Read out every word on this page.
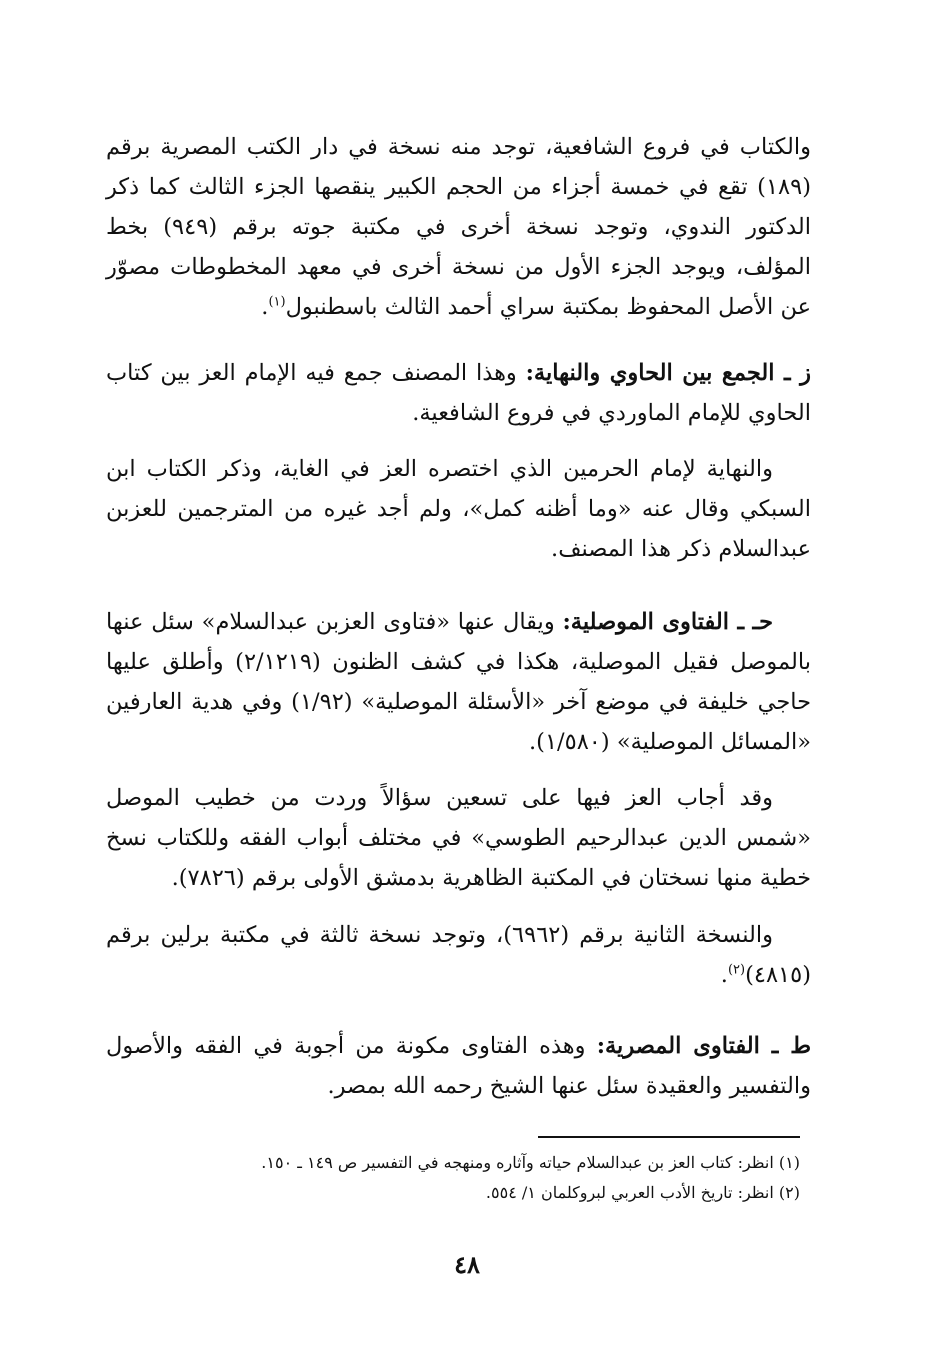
والكتاب في فروع الشافعية، توجد منه نسخة في دار الكتب المصرية برقم (١٨٩) تقع في خمسة أجزاء من الحجم الكبير ينقصها الجزء الثالث كما ذكر الدكتور الندوي، وتوجد نسخة أخرى في مكتبة جوته برقم (٩٤٩) بخط المؤلف، ويوجد الجزء الأول من نسخة أخرى في معهد المخطوطات مصوّر عن الأصل المحفوظ بمكتبة سراي أحمد الثالث باسطنبول$^{(١)}$.

ز ـ الجمع بين الحاوي والنهاية: وهذا المصنف جمع فيه الإمام العز بين كتاب الحاوي للإمام الماوردي في فروع الشافعية.

والنهاية لإمام الحرمين الذي اختصره العز في الغاية، وذكر الكتاب ابن السبكي وقال عنه «وما أظنه كمل»، ولم أجد غيره من المترجمين للعزبن عبدالسلام ذكر هذا المصنف.

حـ ـ الفتاوى الموصلية: ويقال عنها «فتاوى العزبن عبدالسلام» سئل عنها بالموصل فقيل الموصلية، هكذا في كشف الظنون (٢/١٢١٩) وأطلق عليها حاجي خليفة في موضع آخر «الأسئلة الموصلية» (١/٩٢) وفي هدية العارفين «المسائل الموصلية» (١/٥٨٠).

وقد أجاب العز فيها على تسعين سؤالاً وردت من خطيب الموصل «شمس الدين عبدالرحيم الطوسي» في مختلف أبواب الفقه وللكتاب نسخ خطية منها نسختان في المكتبة الظاهرية بدمشق الأولى برقم (٧٨٢٦).

والنسخة الثانية برقم (٦٩٦٢)، وتوجد نسخة ثالثة في مكتبة برلين برقم (٤٨١٥)$^{(٢)}$.

ط ـ الفتاوى المصرية: وهذه الفتاوى مكونة من أجوبة في الفقه والأصول والتفسير والعقيدة سئل عنها الشيخ رحمه الله بمصر.

(١) انظر: كتاب العز بن عبدالسلام حياته وآثاره ومنهجه في التفسير ص ١٤٩ ـ ١٥٠.

(٢) انظر: تاريخ الأدب العربي لبروكلمان ١/ ٥٥٤.

٤٨
